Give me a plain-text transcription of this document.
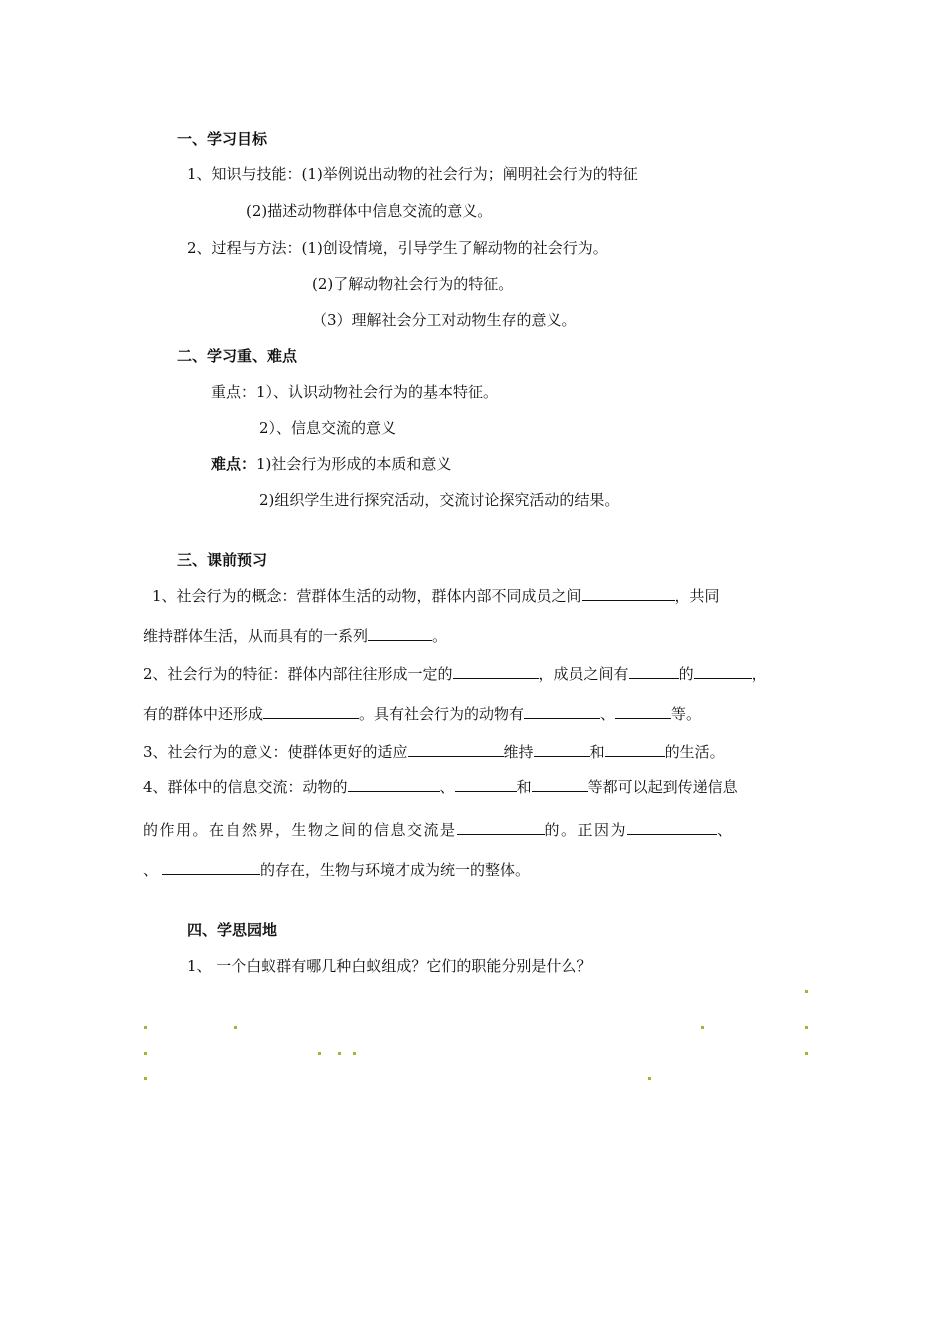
一、学习目标
1、知识与技能：(1)举例说出动物的社会行为；阐明社会行为的特征
(2)描述动物群体中信息交流的意义。
2、过程与方法：(1)创设情境，引导学生了解动物的社会行为。
(2)了解动物社会行为的特征。
（3）理解社会分工对动物生存的意义。
二、学习重、难点
重点：1）、认识动物社会行为的基本特征。
2）、信息交流的意义
难点：1)社会行为形成的本质和意义
2)组织学生进行探究活动，交流讨论探究活动的结果。
三、课前预习
1、社会行为的概念：营群体生活的动物，群体内部不同成员之间	，共同
维持群体生活，从而具有的一系列	。
2、社会行为的特征：群体内部往往形成一定的	，成员之间有	的	，
有的群体中还形成	。具有社会行为的动物有	、	等。
3、社会行为的意义：使群体更好的适应	维持	和	的生活。
4、群体中的信息交流：动物的	、	和	等都可以起到传递信息
的作用。在自然界，生物之间的信息交流是	的。正因为	、
、	的存在，生物与环境才成为统一的整体。
四、学思园地
1、 一个白蚁群有哪几种白蚁组成？它们的职能分别是什么？
